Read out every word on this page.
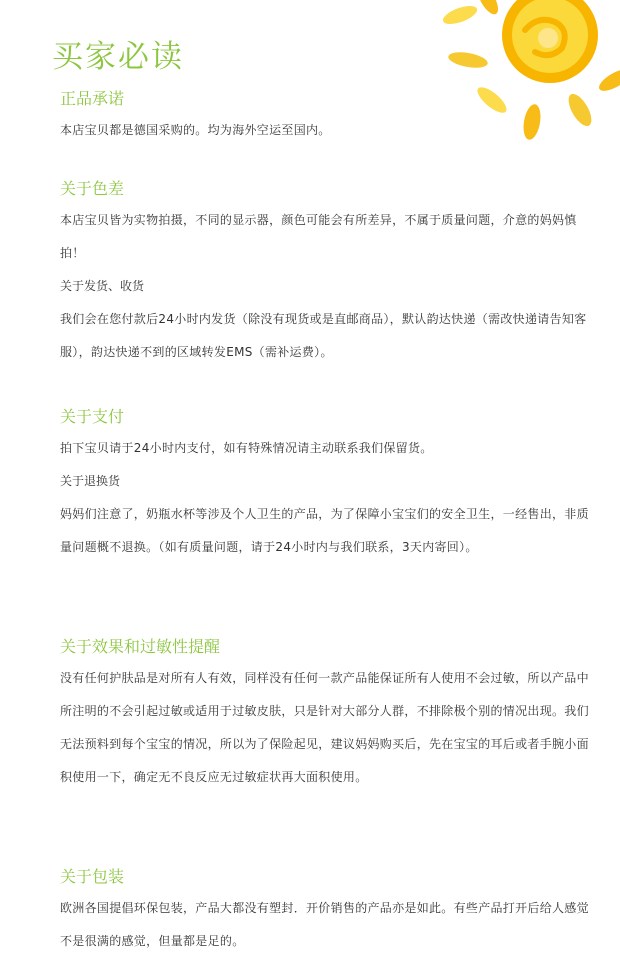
买家必读
正品承诺

本店宝贝都是德国采购的。均为海外空运至国内。

关于色差

本店宝贝皆为实物拍摄，不同的显示器，颜色可能会有所差异，不属于质量问题，介意的妈妈慎拍！

关于发货、收货

我们会在您付款后24小时内发货（除没有现货或是直邮商品），默认韵达快递（需改快递请告知客服），韵达快递不到的区域转发EMS（需补运费）。

关于支付

拍下宝贝请于24小时内支付，如有特殊情况请主动联系我们保留货。

关于退换货

妈妈们注意了，奶瓶水杯等涉及个人卫生的产品，为了保障小宝宝们的安全卫生，一经售出，非质量问题概不退换。（如有质量问题，请于24小时内与我们联系，3天内寄回）。

关于效果和过敏性提醒

没有任何护肤品是对所有人有效，同样没有任何一款产品能保证所有人使用不会过敏，所以产品中所注明的不会引起过敏或适用于过敏皮肤，只是针对大部分人群，不排除极个别的情况出现。我们无法预料到每个宝宝的情况，所以为了保险起见，建议妈妈购买后，先在宝宝的耳后或者手腕小面积使用一下，确定无不良反应无过敏症状再大面积使用。

关于包装

欧洲各国提倡环保包装，产品大都没有塑封．开价销售的产品亦是如此。有些产品打开后给人感觉不是很满的感觉，但量都是足的。
